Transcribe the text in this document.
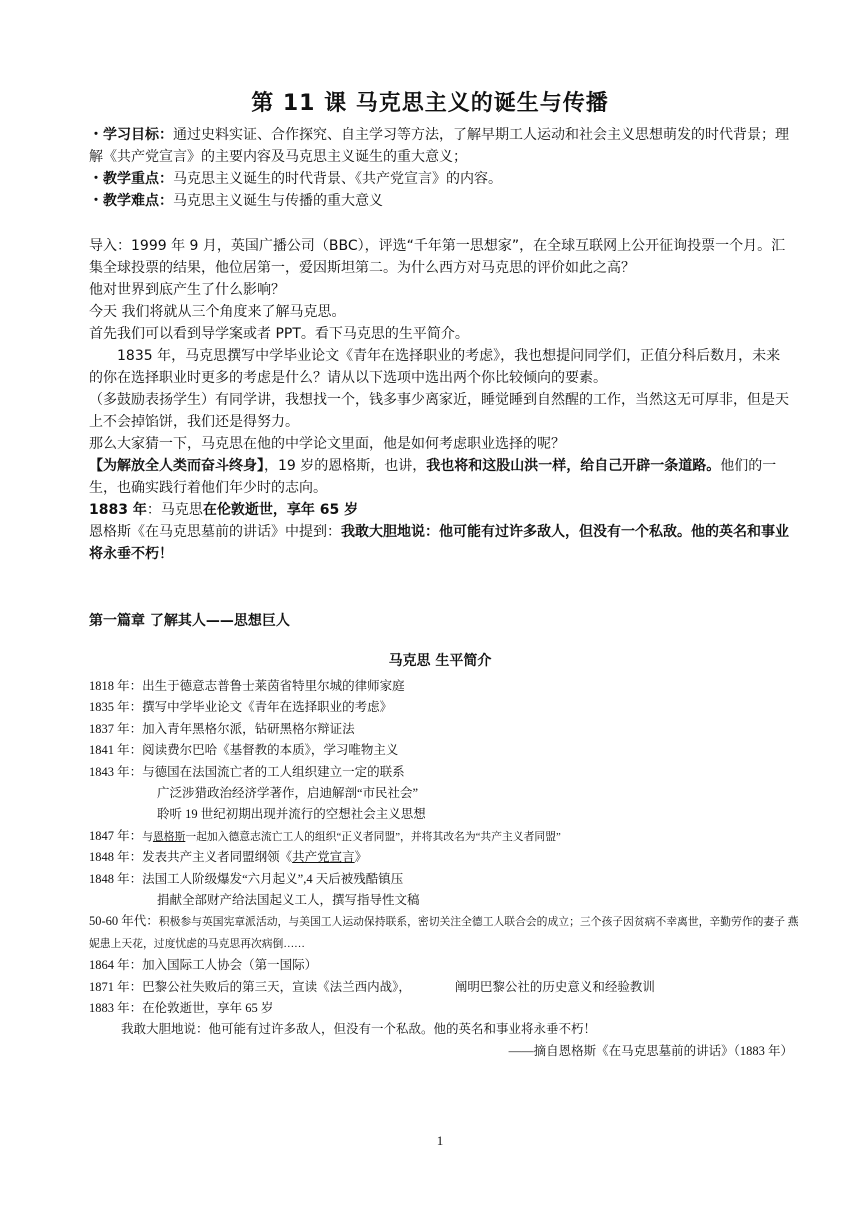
第 11 课 马克思主义的诞生与传播

・学习目标：通过史料实证、合作探究、自主学习等方法，了解早期工人运动和社会主义思想萌发的时代背景；理解《共产党宣言》的主要内容及马克思主义诞生的重大意义；

・教学重点：马克思主义诞生的时代背景、《共产党宣言》的内容。

・教学难点：马克思主义诞生与传播的重大意义

导入：1999 年 9 月，英国广播公司（BBC），评选“千年第一思想家”，在全球互联网上公开征询投票一个月。汇集全球投票的结果，他位居第一，爱因斯坦第二。为什么西方对马克思的评价如此之高？

他对世界到底产生了什么影响？

今天 我们将就从三个角度来了解马克思。

首先我们可以看到导学案或者 PPT。看下马克思的生平简介。

1835 年，马克思撰写中学毕业论文《青年在选择职业的考虑》，我也想提问同学们，正值分科后数月，未来的你在选择职业时更多的考虑是什么？请从以下选项中选出两个你比较倾向的要素。

（多鼓励表扬学生）有同学讲，我想找一个，钱多事少离家近，睡觉睡到自然醒的工作，当然这无可厚非，但是天上不会掉馅饼，我们还是得努力。

那么大家猜一下，马克思在他的中学论文里面，他是如何考虑职业选择的呢？

【为解放全人类而奋斗终身】，19 岁的恩格斯，也讲，我也将和这股山洪一样，给自己开辟一条道路。他们的一生，也确实践行着他们年少时的志向。

1883 年：马克思在伦敦逝世，享年 65 岁

恩格斯《在马克思墓前的讲话》中提到：我敢大胆地说：他可能有过许多敌人，但没有一个私敌。他的英名和事业将永垂不朽！

第一篇章 了解其人——思想巨人
马克思 生平简介
1818 年：出生于德意志普鲁士莱茵省特里尔城的律师家庭
1835 年：撰写中学毕业论文《青年在选择职业的考虑》
1837 年：加入青年黑格尔派，钻研黑格尔辩证法
1841 年：阅读费尔巴哈《基督教的本质》，学习唯物主义
1843 年：与德国在法国流亡者的工人组织建立一定的联系
广泛涉猎政治经济学著作，启迪解剖“市民社会”
聆听 19 世纪初期出现并流行的空想社会主义思想
1847 年：与恩格斯一起加入德意志流亡工人的组织“正义者同盟”，并将其改名为“共产主义者同盟”
1848 年：发表共产主义者同盟纲领《共产党宣言》
1848 年：法国工人阶级爆发“六月起义”,4 天后被残酷镇压
捐献全部财产给法国起义工人，撰写指导性文稿
50-60 年代：积极参与英国宪章派活动，与美国工人运动保持联系，密切关注全德工人联合会的成立；三个孩子因贫病不幸离世，辛勤劳作的妻子 燕妮患上天花，过度忧虑的马克思再次病倒……
1864 年：加入国际工人协会（第一国际）
1871 年：巴黎公社失败后的第三天，宣读《法兰西内战》，	阐明巴黎公社的历史意义和经验教训
1883 年：在伦敦逝世，享年 65 岁
我敢大胆地说：他可能有过许多敌人，但没有一个私敌。他的英名和事业将永垂不朽！
——摘自恩格斯《在马克思墓前的讲话》（1883 年）
1
